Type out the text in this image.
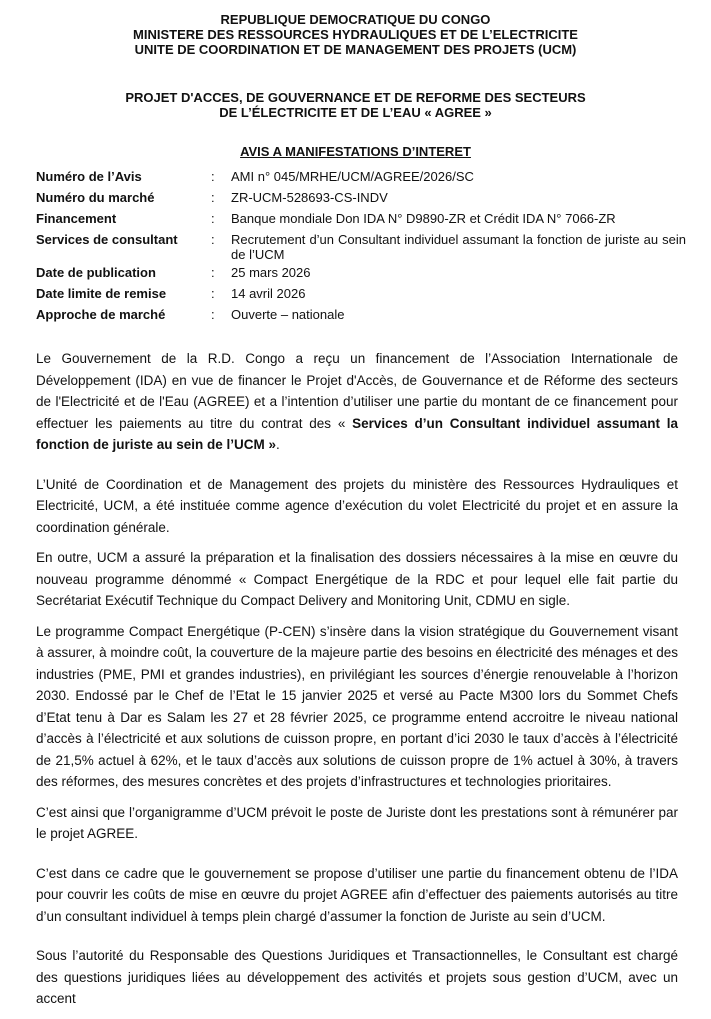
REPUBLIQUE DEMOCRATIQUE DU CONGO
MINISTERE DES RESSOURCES HYDRAULIQUES ET DE L’ELECTRICITE
UNITE DE COORDINATION ET DE MANAGEMENT DES PROJETS (UCM)
PROJET D'ACCES, DE GOUVERNANCE ET DE REFORME DES SECTEURS
DE L’ÉLECTRICITE ET DE L’EAU « AGREE »
AVIS A MANIFESTATIONS D’INTERET
Numéro de l’Avis	:	AMI n° 045/MRHE/UCM/AGREE/2026/SC
Numéro du marché	:	ZR-UCM-528693-CS-INDV
Financement	:	Banque mondiale Don IDA N° D9890-ZR et Crédit IDA N° 7066-ZR
Services de consultant	:	Recrutement d’un Consultant individuel assumant la fonction de juriste au sein de l’UCM
Date de publication	:	25 mars 2026
Date limite de remise	:	14 avril 2026
Approche de marché	:	Ouverte – nationale

Le Gouvernement de la R.D. Congo a reçu un financement de l’Association Internationale de Développement (IDA) en vue de financer le Projet d'Accès, de Gouvernance et de Réforme des secteurs de l'Electricité et de l'Eau (AGREE) et a l’intention d’utiliser une partie du montant de ce financement pour effectuer les paiements au titre du contrat des « Services d’un Consultant individuel assumant la fonction de juriste au sein de l’UCM ».

L’Unité de Coordination et de Management des projets du ministère des Ressources Hydrauliques et Electricité, UCM, a été instituée comme agence d’exécution du volet Electricité du projet et en assure la coordination générale.

En outre, UCM a assuré la préparation et la finalisation des dossiers nécessaires à la mise en œuvre du nouveau programme dénommé « Compact Energétique de la RDC et pour lequel elle fait partie du Secrétariat Exécutif Technique du Compact Delivery and Monitoring Unit, CDMU en sigle.

Le programme Compact Energétique (P-CEN) s’insère dans la vision stratégique du Gouvernement visant à assurer, à moindre coût, la couverture de la majeure partie des besoins en électricité des ménages et des industries (PME, PMI et grandes industries), en privilégiant les sources d’énergie renouvelable à l’horizon 2030. Endossé par le Chef de l’Etat le 15 janvier 2025 et versé au Pacte M300 lors du Sommet Chefs d’Etat tenu à Dar es Salam les 27 et 28 février 2025, ce programme entend accroitre le niveau national d’accès à l’électricité et aux solutions de cuisson propre, en portant d’ici 2030 le taux d’accès à l’électricité de 21,5% actuel à 62%, et le taux d’accès aux solutions de cuisson propre de 1% actuel à 30%, à travers des réformes, des mesures concrètes et des projets d’infrastructures et technologies prioritaires.

C’est ainsi que l’organigramme d’UCM prévoit le poste de Juriste dont les prestations sont à rémunérer par le projet AGREE.

C’est dans ce cadre que le gouvernement se propose d’utiliser une partie du financement obtenu de l’IDA pour couvrir les coûts de mise en œuvre du projet AGREE afin d’effectuer des paiements autorisés au titre d’un consultant individuel à temps plein chargé d’assumer la fonction de Juriste au sein d’UCM.

Sous l’autorité du Responsable des Questions Juridiques et Transactionnelles, le Consultant est chargé des questions juridiques liées au développement des activités et projets sous gestion d’UCM, avec un accent
